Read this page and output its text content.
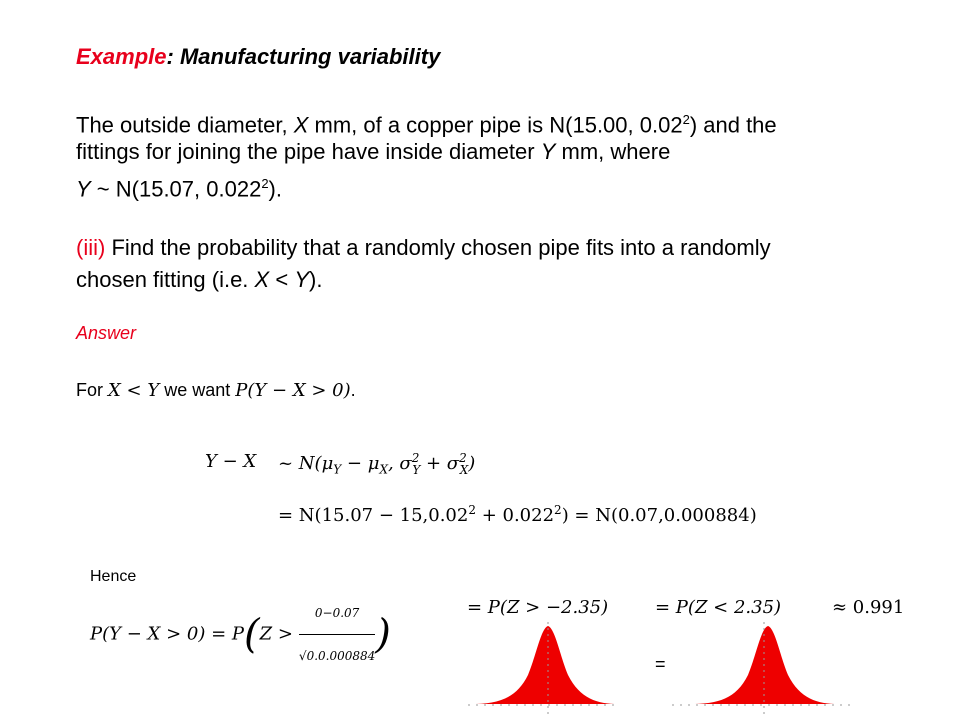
Example: Manufacturing variability
The outside diameter, X mm, of a copper pipe is N(15.00, 0.02$^2$) and the
fittings for joining the pipe have inside diameter Y mm, where
Y ~ N(15.07, 0.022$^2$).
(iii) Find the probability that a randomly chosen pipe fits into a randomly
chosen fitting (i.e. X < Y).
Answer
For X < Y we want P(Y − X > 0).
Y − X ~ $N(\mu_Y - \mu_X$, $\sigma^2_Y + \sigma^2_X$)
= $N(15.07 - 15,0.02^2 + 0.022^2) = N(0.07,0.000884)$
Hence
$P(Y - X > 0) = P(Z > \frac{0-0.07}{√0.0.000884}$ )
= P(Z > −2.35)	= P(Z < 2.35)	≈ 0.991
=
